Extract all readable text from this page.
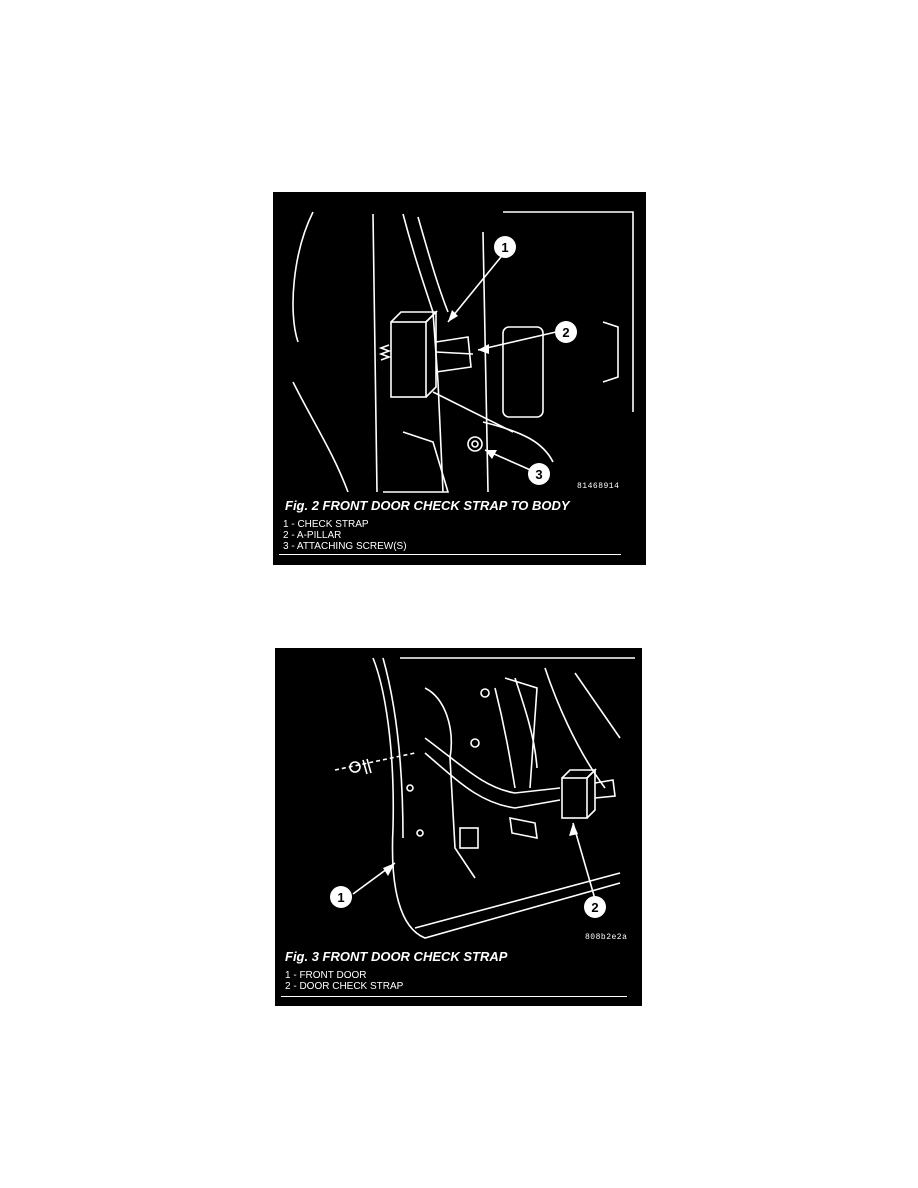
1
2
3
81468914
Fig. 2 FRONT DOOR CHECK STRAP TO BODY
1 - CHECK STRAP
2 - A-PILLAR
3 - ATTACHING SCREW(S)
1
2
808b2e2a
Fig. 3 FRONT DOOR CHECK STRAP
1 - FRONT DOOR
2 - DOOR CHECK STRAP
